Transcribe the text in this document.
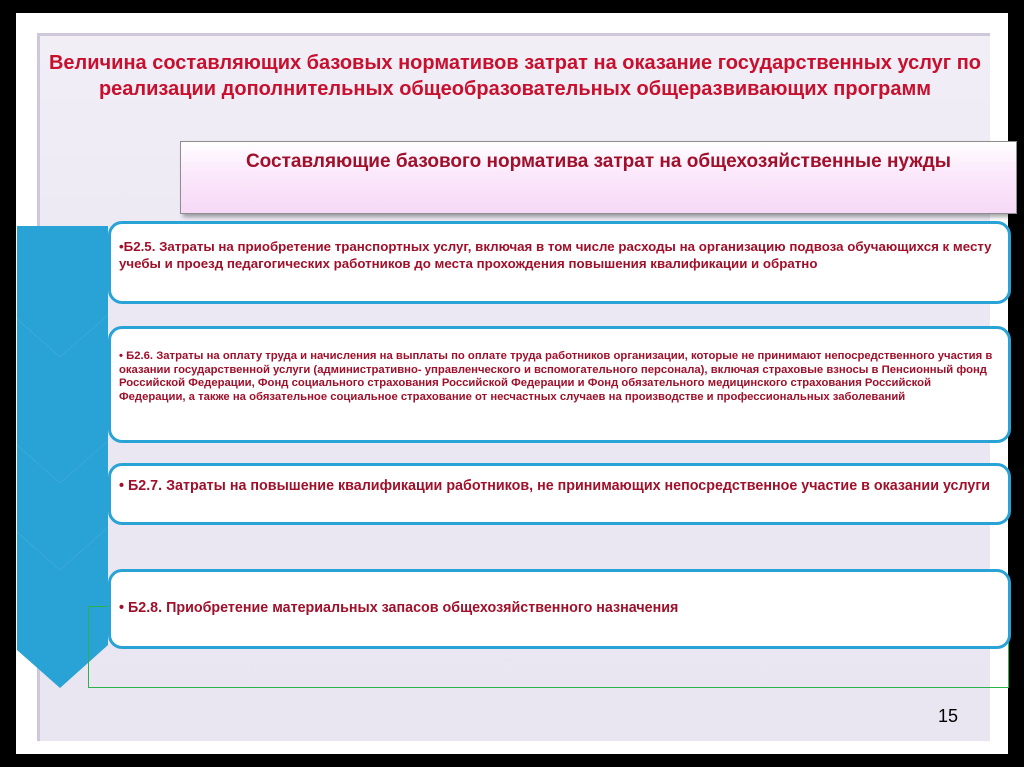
Величина составляющих базовых нормативов затрат на оказание государственных услуг по реализации дополнительных общеобразовательных общеразвивающих программ
Составляющие базового норматива затрат на общехозяйственные нужды
•Б2.5. Затраты на приобретение транспортных услуг, включая в том числе расходы на организацию подвоза обучающихся к месту учебы и проезд педагогических работников до места прохождения повышения квалификации и обратно
• Б2.6. Затраты на оплату труда и начисления на выплаты по оплате труда работников организации, которые не принимают непосредственного участия в оказании государственной услуги (административно- управленческого и вспомогательного персонала), включая страховые взносы в Пенсионный фонд Российской Федерации, Фонд социального страхования Российской Федерации и Фонд обязательного медицинского страхования Российской Федерации, а также на обязательное социальное страхование от несчастных случаев на производстве и профессиональных заболеваний
• Б2.7. Затраты на повышение квалификации работников, не принимающих непосредственное участие в оказании услуги
• Б2.8. Приобретение материальных запасов общехозяйственного назначения
15
